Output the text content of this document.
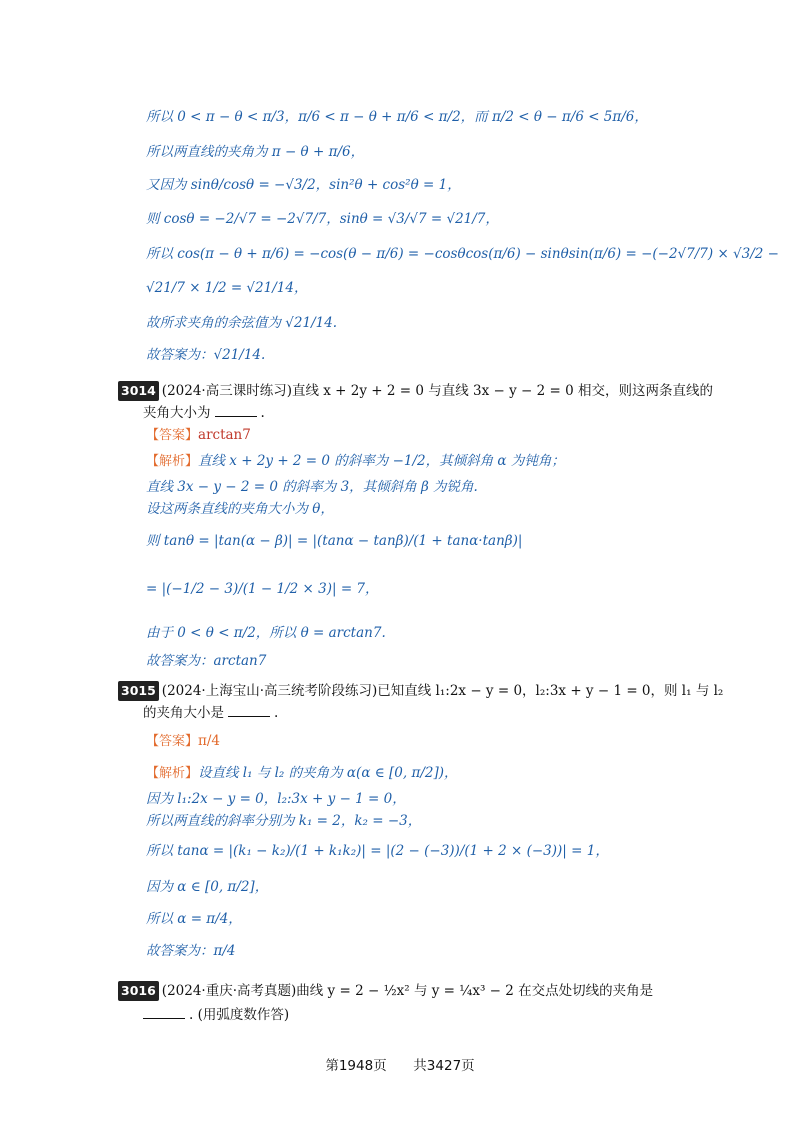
所以 0 < π − θ < π/3，π/6 < π − θ + π/6 < π/2，而 π/2 < θ − π/6 < 5π/6，
所以两直线的夹角为 π − θ + π/6，
又因为 sinθ/cosθ = −√3/2，sin²θ + cos²θ = 1，
则 cosθ = −2/√7 = −2√7/7，sinθ = √3/√7 = √21/7，
所以 cos(π − θ + π/6) = −cos(θ − π/6) = −cosθcos(π/6) − sinθsin(π/6) = −(−2√7/7) × √3/2 −
√21/7 × 1/2 = √21/14，
故所求夹角的余弦值为 √21/14.
故答案为：√21/14.
3014 (2024·高三课时练习)直线 x + 2y + 2 = 0 与直线 3x − y − 2 = 0 相交，则这两条直线的
夹角大小为	.
【答案】arctan7
【解析】直线 x + 2y + 2 = 0 的斜率为 −1/2，其倾斜角 α 为钝角；
直线 3x − y − 2 = 0 的斜率为 3，其倾斜角 β 为锐角.
设这两条直线的夹角大小为 θ，
则 tanθ = |tan(α − β)| = |(tanα − tanβ)/(1 + tanα·tanβ)|
= |(−1/2 − 3)/(1 − 1/2 × 3)| = 7，
由于 0 < θ < π/2，所以 θ = arctan7.
故答案为：arctan7
3015 (2024·上海宝山·高三统考阶段练习)已知直线 l₁:2x − y = 0，l₂:3x + y − 1 = 0，则 l₁ 与 l₂
的夹角大小是	.
【答案】π/4
【解析】设直线 l₁ 与 l₂ 的夹角为 α(α ∈ [0, π/2])，
因为 l₁:2x − y = 0，l₂:3x + y − 1 = 0，
所以两直线的斜率分别为 k₁ = 2，k₂ = −3，
所以 tanα = |(k₁ − k₂)/(1 + k₁k₂)| = |(2 − (−3))/(1 + 2 × (−3))| = 1，
因为 α ∈ [0, π/2]，
所以 α = π/4，
故答案为：π/4
3016 (2024·重庆·高考真题)曲线 y = 2 − ½x² 与 y = ¼x³ − 2 在交点处切线的夹角是
. (用弧度数作答)
第1948页 共3427页
